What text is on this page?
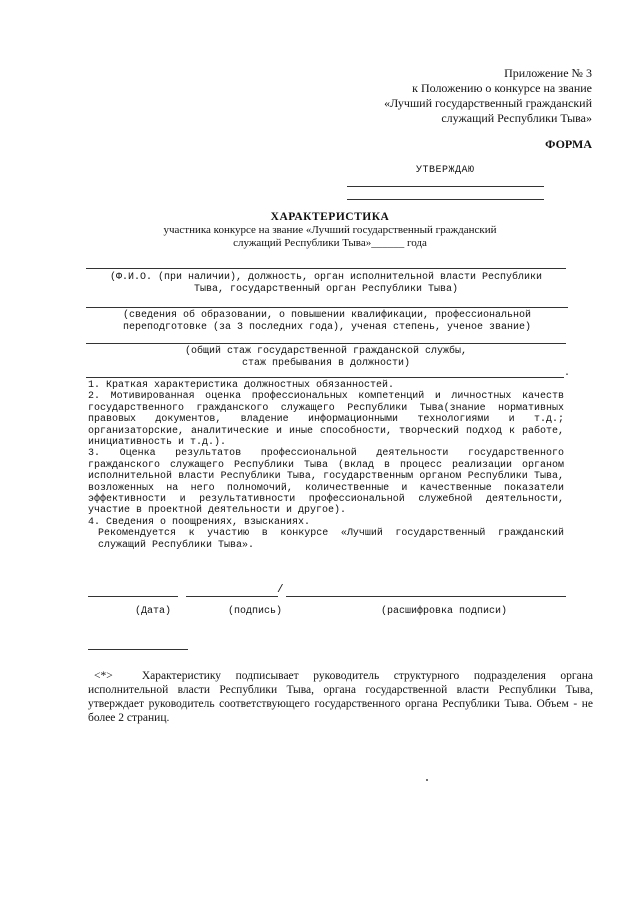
Приложение № 3
к Положению о конкурсе на звание
«Лучший государственный гражданский
служащий Республики Тыва»
ФОРМА
УТВЕРЖДАЮ
ХАРАКТЕРИСТИКА
участника конкурсе на звание «Лучший государственный гражданский
служащий Республики Тыва»______ года
(Ф.И.О. (при наличии), должность, орган исполнительной власти Республики
Тыва, государственный орган Республики Тыва)
(сведения об образовании, о повышении квалификации, профессиональной
переподготовке (за 3 последних года), ученая степень, ученое звание)
(общий стаж государственной гражданской службы,
стаж пребывания в должности)
.

1. Краткая характеристика должностных обязанностей.

2. Мотивированная оценка профессиональных компетенций и личностных качеств государственного гражданского служащего Республики Тыва(знание нормативных правовых документов, владение информационными технологиями и т.д.; организаторские, аналитические и иные способности, творческий подход к работе, инициативность и т.д.).

3. Оценка результатов профессиональной деятельности государственного гражданского служащего Республики Тыва (вклад в процесс реализации органом исполнительной власти Республики Тыва, государственным органом Республики Тыва, возложенных на него полномочий, количественные и качественные показатели эффективности и результативности профессиональной служебной деятельности, участие в проектной деятельности и другое).

4. Сведения о поощрениях, взысканиях.

Рекомендуется к участию в конкурсе «Лучший государственный гражданский служащий Республики Тыва».

/
(Дата)	(подпись)	(расшифровка подписи)
<*>	Характеристику подписывает руководитель структурного подразделения органа исполнительной власти Республики Тыва, органа государственной власти Республики Тыва, утверждает руководитель соответствующего государственного органа Республики Тыва. Объем - не более 2 страниц.
